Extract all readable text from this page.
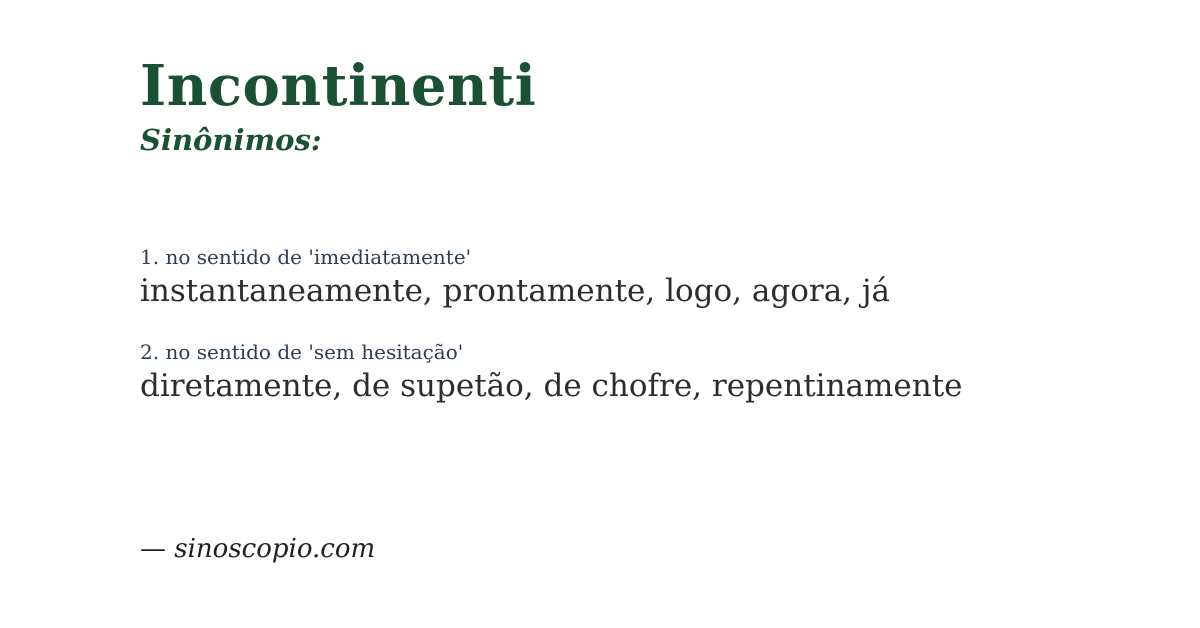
Incontinenti
Sinônimos:
1. no sentido de 'imediatamente'
instantaneamente, prontamente, logo, agora, já
2. no sentido de 'sem hesitação'
diretamente, de supetão, de chofre, repentinamente
— sinoscopio.com
